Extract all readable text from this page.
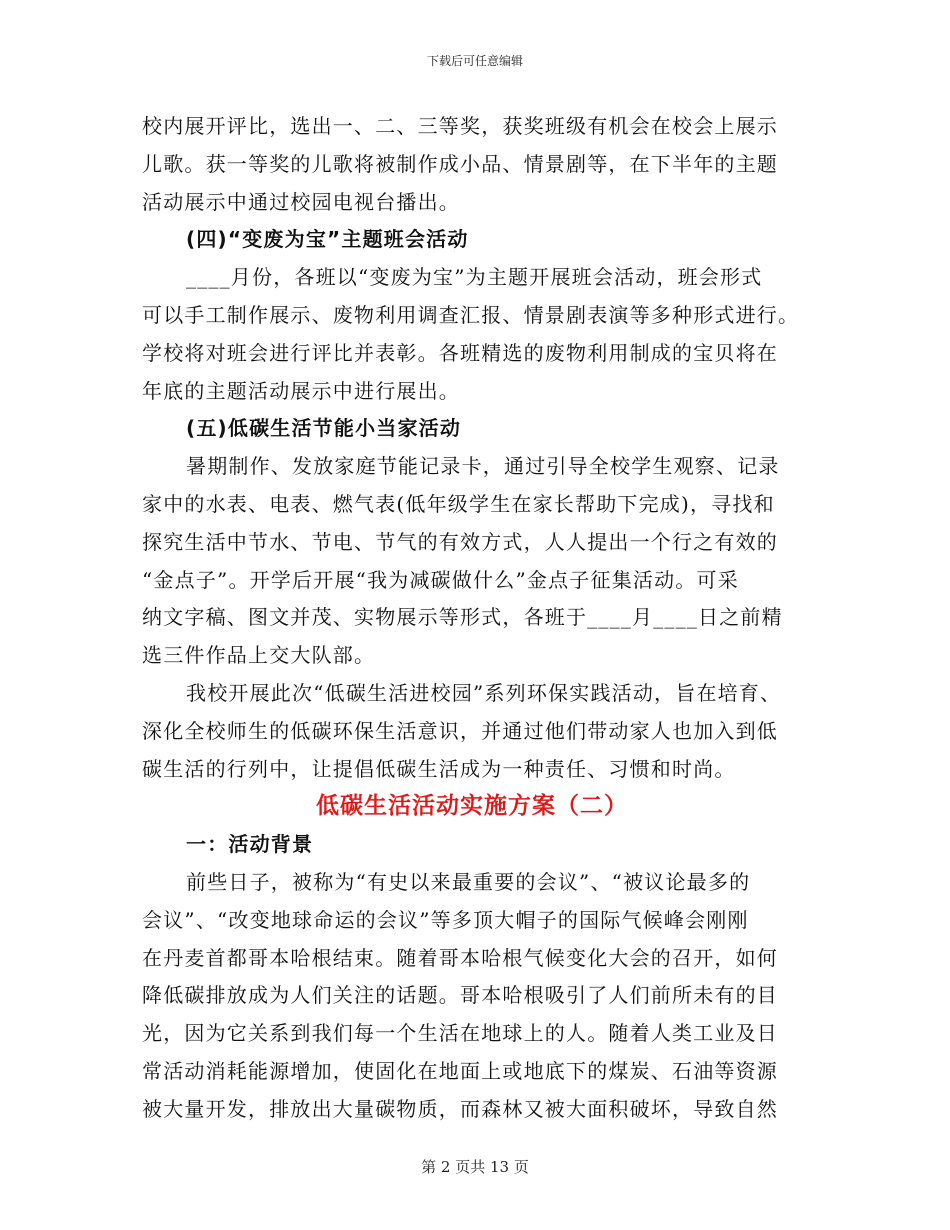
下载后可任意编辑
校内展开评比，选出一、二、三等奖，获奖班级有机会在校会上展示
儿歌。获一等奖的儿歌将被制作成小品、情景剧等，在下半年的主题
活动展示中通过校园电视台播出。
(四)“变废为宝”主题班会活动
____月份，各班以“变废为宝”为主题开展班会活动，班会形式
可以手工制作展示、废物利用调查汇报、情景剧表演等多种形式进行。
学校将对班会进行评比并表彰。各班精选的废物利用制成的宝贝将在
年底的主题活动展示中进行展出。
(五)低碳生活节能小当家活动
暑期制作、发放家庭节能记录卡，通过引导全校学生观察、记录
家中的水表、电表、燃气表(低年级学生在家长帮助下完成)，寻找和
探究生活中节水、节电、节气的有效方式，人人提出一个行之有效的
“金点子”。开学后开展“我为减碳做什么”金点子征集活动。可采
纳文字稿、图文并茂、实物展示等形式，各班于____月____日之前精
选三件作品上交大队部。
我校开展此次“低碳生活进校园”系列环保实践活动，旨在培育、
深化全校师生的低碳环保生活意识，并通过他们带动家人也加入到低
碳生活的行列中，让提倡低碳生活成为一种责任、习惯和时尚。
低碳生活活动实施方案（二）
一：活动背景
前些日子，被称为“有史以来最重要的会议”、“被议论最多的
会议”、“改变地球命运的会议”等多顶大帽子的国际气候峰会刚刚
在丹麦首都哥本哈根结束。随着哥本哈根气候变化大会的召开，如何
降低碳排放成为人们关注的话题。哥本哈根吸引了人们前所未有的目
光，因为它关系到我们每一个生活在地球上的人。随着人类工业及日
常活动消耗能源增加，使固化在地面上或地底下的煤炭、石油等资源
被大量开发，排放出大量碳物质，而森林又被大面积破坏，导致自然
第 2 页共 13 页
